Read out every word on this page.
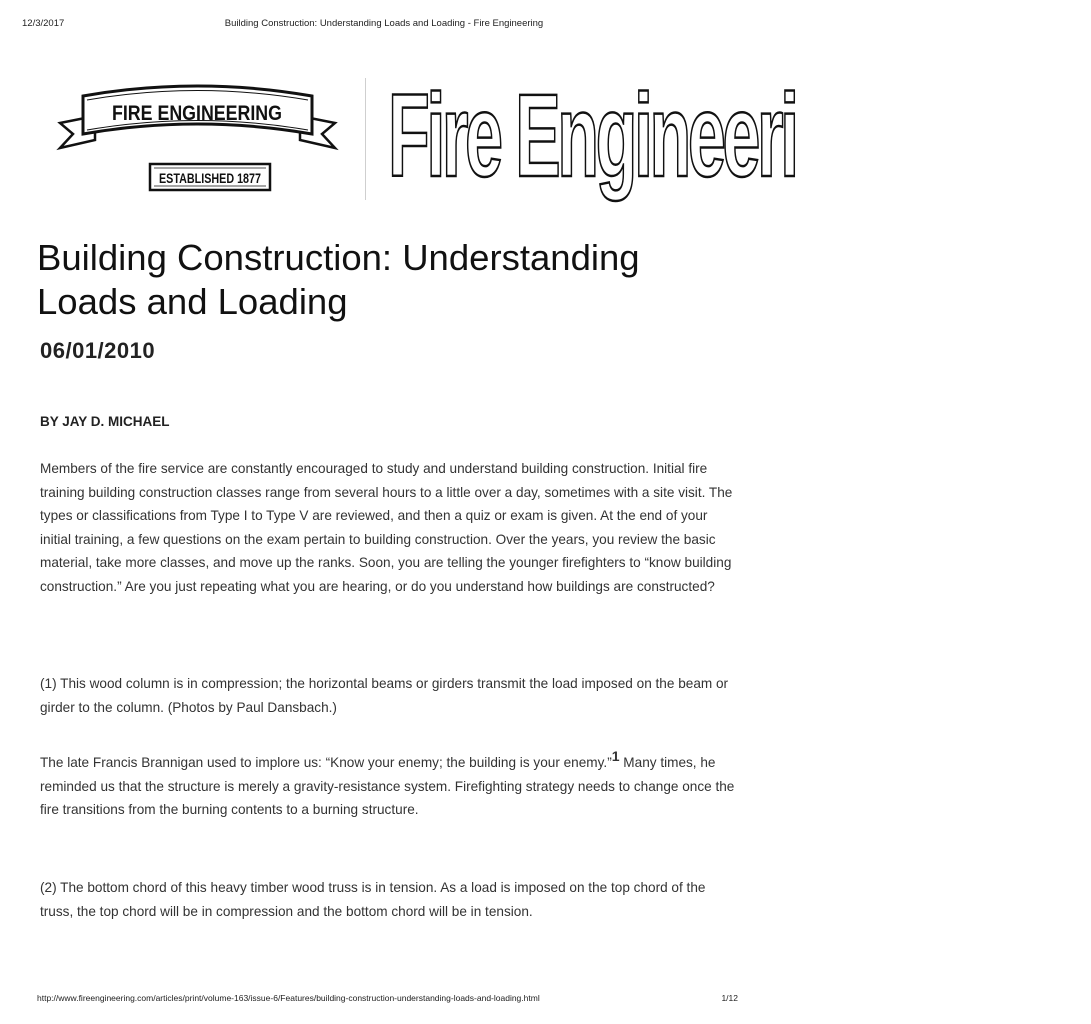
12/3/2017	Building Construction: Understanding Loads and Loading - Fire Engineering
FIRE ENGINEERING
ESTABLISHED 1877 Fire Engineeri
Building Construction: Understanding Loads and Loading
06/01/2010
BY JAY D. MICHAEL

Members of the fire service are constantly encouraged to study and understand building construction. Initial fire training building construction classes range from several hours to a little over a day, sometimes with a site visit. The types or classifications from Type I to Type V are reviewed, and then a quiz or exam is given. At the end of your initial training, a few questions on the exam pertain to building construction. Over the years, you review the basic material, take more classes, and move up the ranks. Soon, you are telling the younger firefighters to “know building construction.” Are you just repeating what you are hearing, or do you understand how buildings are constructed?

(1) This wood column is in compression; the horizontal beams or girders transmit the load imposed on the beam or girder to the column. (Photos by Paul Dansbach.)

The late Francis Brannigan used to implore us: “Know your enemy; the building is your enemy.”1 Many times, he reminded us that the structure is merely a gravity-resistance system. Firefighting strategy needs to change once the fire transitions from the burning contents to a burning structure.

(2) The bottom chord of this heavy timber wood truss is in tension. As a load is imposed on the top chord of the truss, the top chord will be in compression and the bottom chord will be in tension.

http://www.fireengineering.com/articles/print/volume-163/issue-6/Features/building-construction-understanding-loads-and-loading.html	1/12
